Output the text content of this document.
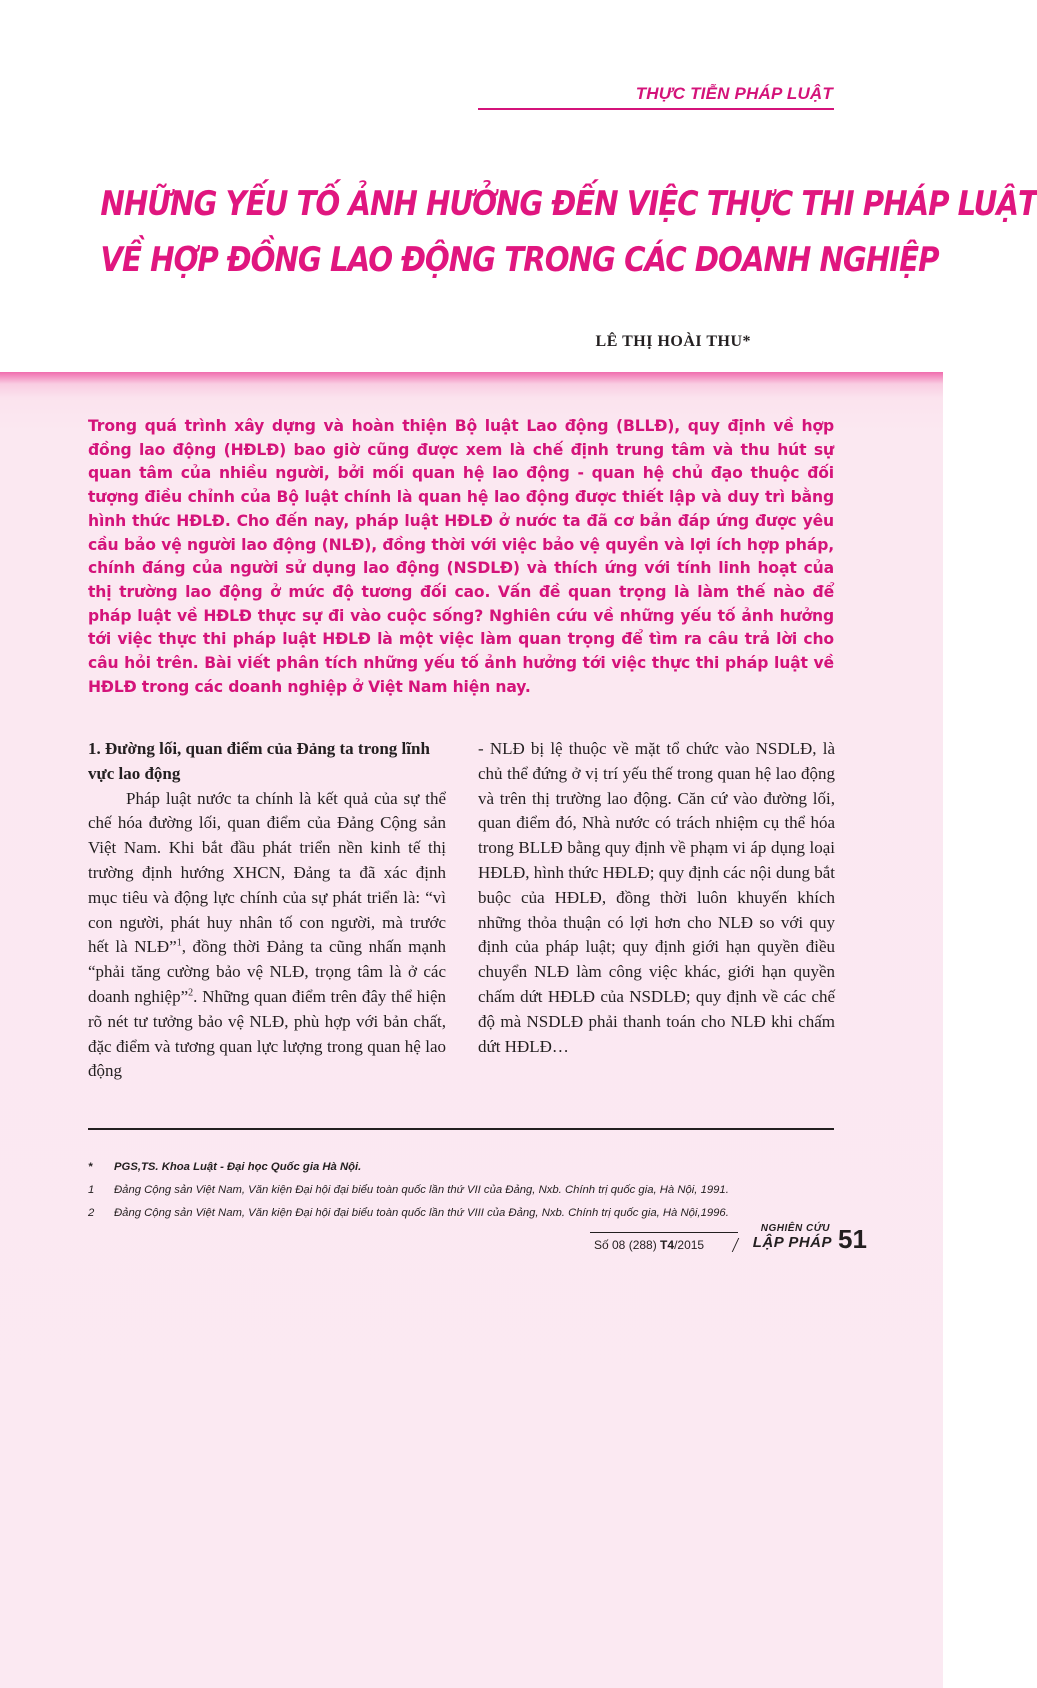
THỰC TIỄN PHÁP LUẬT
NHỮNG YẾU TỐ ẢNH HƯỞNG ĐẾN VIỆC THỰC THI PHÁP LUẬT
VỀ HỢP ĐỒNG LAO ĐỘNG TRONG CÁC DOANH NGHIỆP
LÊ THỊ HOÀI THU*
Trong quá trình xây dựng và hoàn thiện Bộ luật Lao động (BLLĐ), quy định về hợp đồng lao động (HĐLĐ) bao giờ cũng được xem là chế định trung tâm và thu hút sự quan tâm của nhiều người, bởi mối quan hệ lao động - quan hệ chủ đạo thuộc đối tượng điều chỉnh của Bộ luật chính là quan hệ lao động được thiết lập và duy trì bằng hình thức HĐLĐ. Cho đến nay, pháp luật HĐLĐ ở nước ta đã cơ bản đáp ứng được yêu cầu bảo vệ người lao động (NLĐ), đồng thời với việc bảo vệ quyền và lợi ích hợp pháp, chính đáng của người sử dụng lao động (NSDLĐ) và thích ứng với tính linh hoạt của thị trường lao động ở mức độ tương đối cao. Vấn đề quan trọng là làm thế nào để pháp luật về HĐLĐ thực sự đi vào cuộc sống? Nghiên cứu về những yếu tố ảnh hưởng tới việc thực thi pháp luật HĐLĐ là một việc làm quan trọng để tìm ra câu trả lời cho câu hỏi trên. Bài viết phân tích những yếu tố ảnh hưởng tới việc thực thi pháp luật về HĐLĐ trong các doanh nghiệp ở Việt Nam hiện nay.

1. Đường lối, quan điểm của Đảng ta trong lĩnh vực lao động

Pháp luật nước ta chính là kết quả của sự thể chế hóa đường lối, quan điểm của Đảng Cộng sản Việt Nam. Khi bắt đầu phát triển nền kinh tế thị trường định hướng XHCN, Đảng ta đã xác định mục tiêu và động lực chính của sự phát triển là: “vì con người, phát huy nhân tố con người, mà trước hết là NLĐ”$^1$, đồng thời Đảng ta cũng nhấn mạnh “phải tăng cường bảo vệ NLĐ, trọng tâm là ở các doanh nghiệp”$^2$. Những quan điểm trên đây thể hiện rõ nét tư tưởng bảo vệ NLĐ, phù hợp với bản chất, đặc điểm và tương quan lực lượng trong quan hệ lao động

- NLĐ bị lệ thuộc về mặt tổ chức vào NSDLĐ, là chủ thể đứng ở vị trí yếu thế trong quan hệ lao động và trên thị trường lao động. Căn cứ vào đường lối, quan điểm đó, Nhà nước có trách nhiệm cụ thể hóa trong BLLĐ bằng quy định về phạm vi áp dụng loại HĐLĐ, hình thức HĐLĐ; quy định các nội dung bắt buộc của HĐLĐ, đồng thời luôn khuyến khích những thỏa thuận có lợi hơn cho NLĐ so với quy định của pháp luật; quy định giới hạn quyền điều chuyển NLĐ làm công việc khác, giới hạn quyền chấm dứt HĐLĐ của NSDLĐ; quy định về các chế độ mà NSDLĐ phải thanh toán cho NLĐ khi chấm dứt HĐLĐ…

* PGS,TS. Khoa Luật - Đại học Quốc gia Hà Nội.
1 Đảng Cộng sản Việt Nam, Văn kiện Đại hội đại biểu toàn quốc lần thứ VII của Đảng, Nxb. Chính trị quốc gia, Hà Nội, 1991.
2 Đảng Cộng sản Việt Nam, Văn kiện Đại hội đại biểu toàn quốc lần thứ VIII của Đảng, Nxb. Chính trị quốc gia, Hà Nội,1996.
Số 08 (288) T4/2015
NGHIÊN CỨU
LẬP PHÁP 51
